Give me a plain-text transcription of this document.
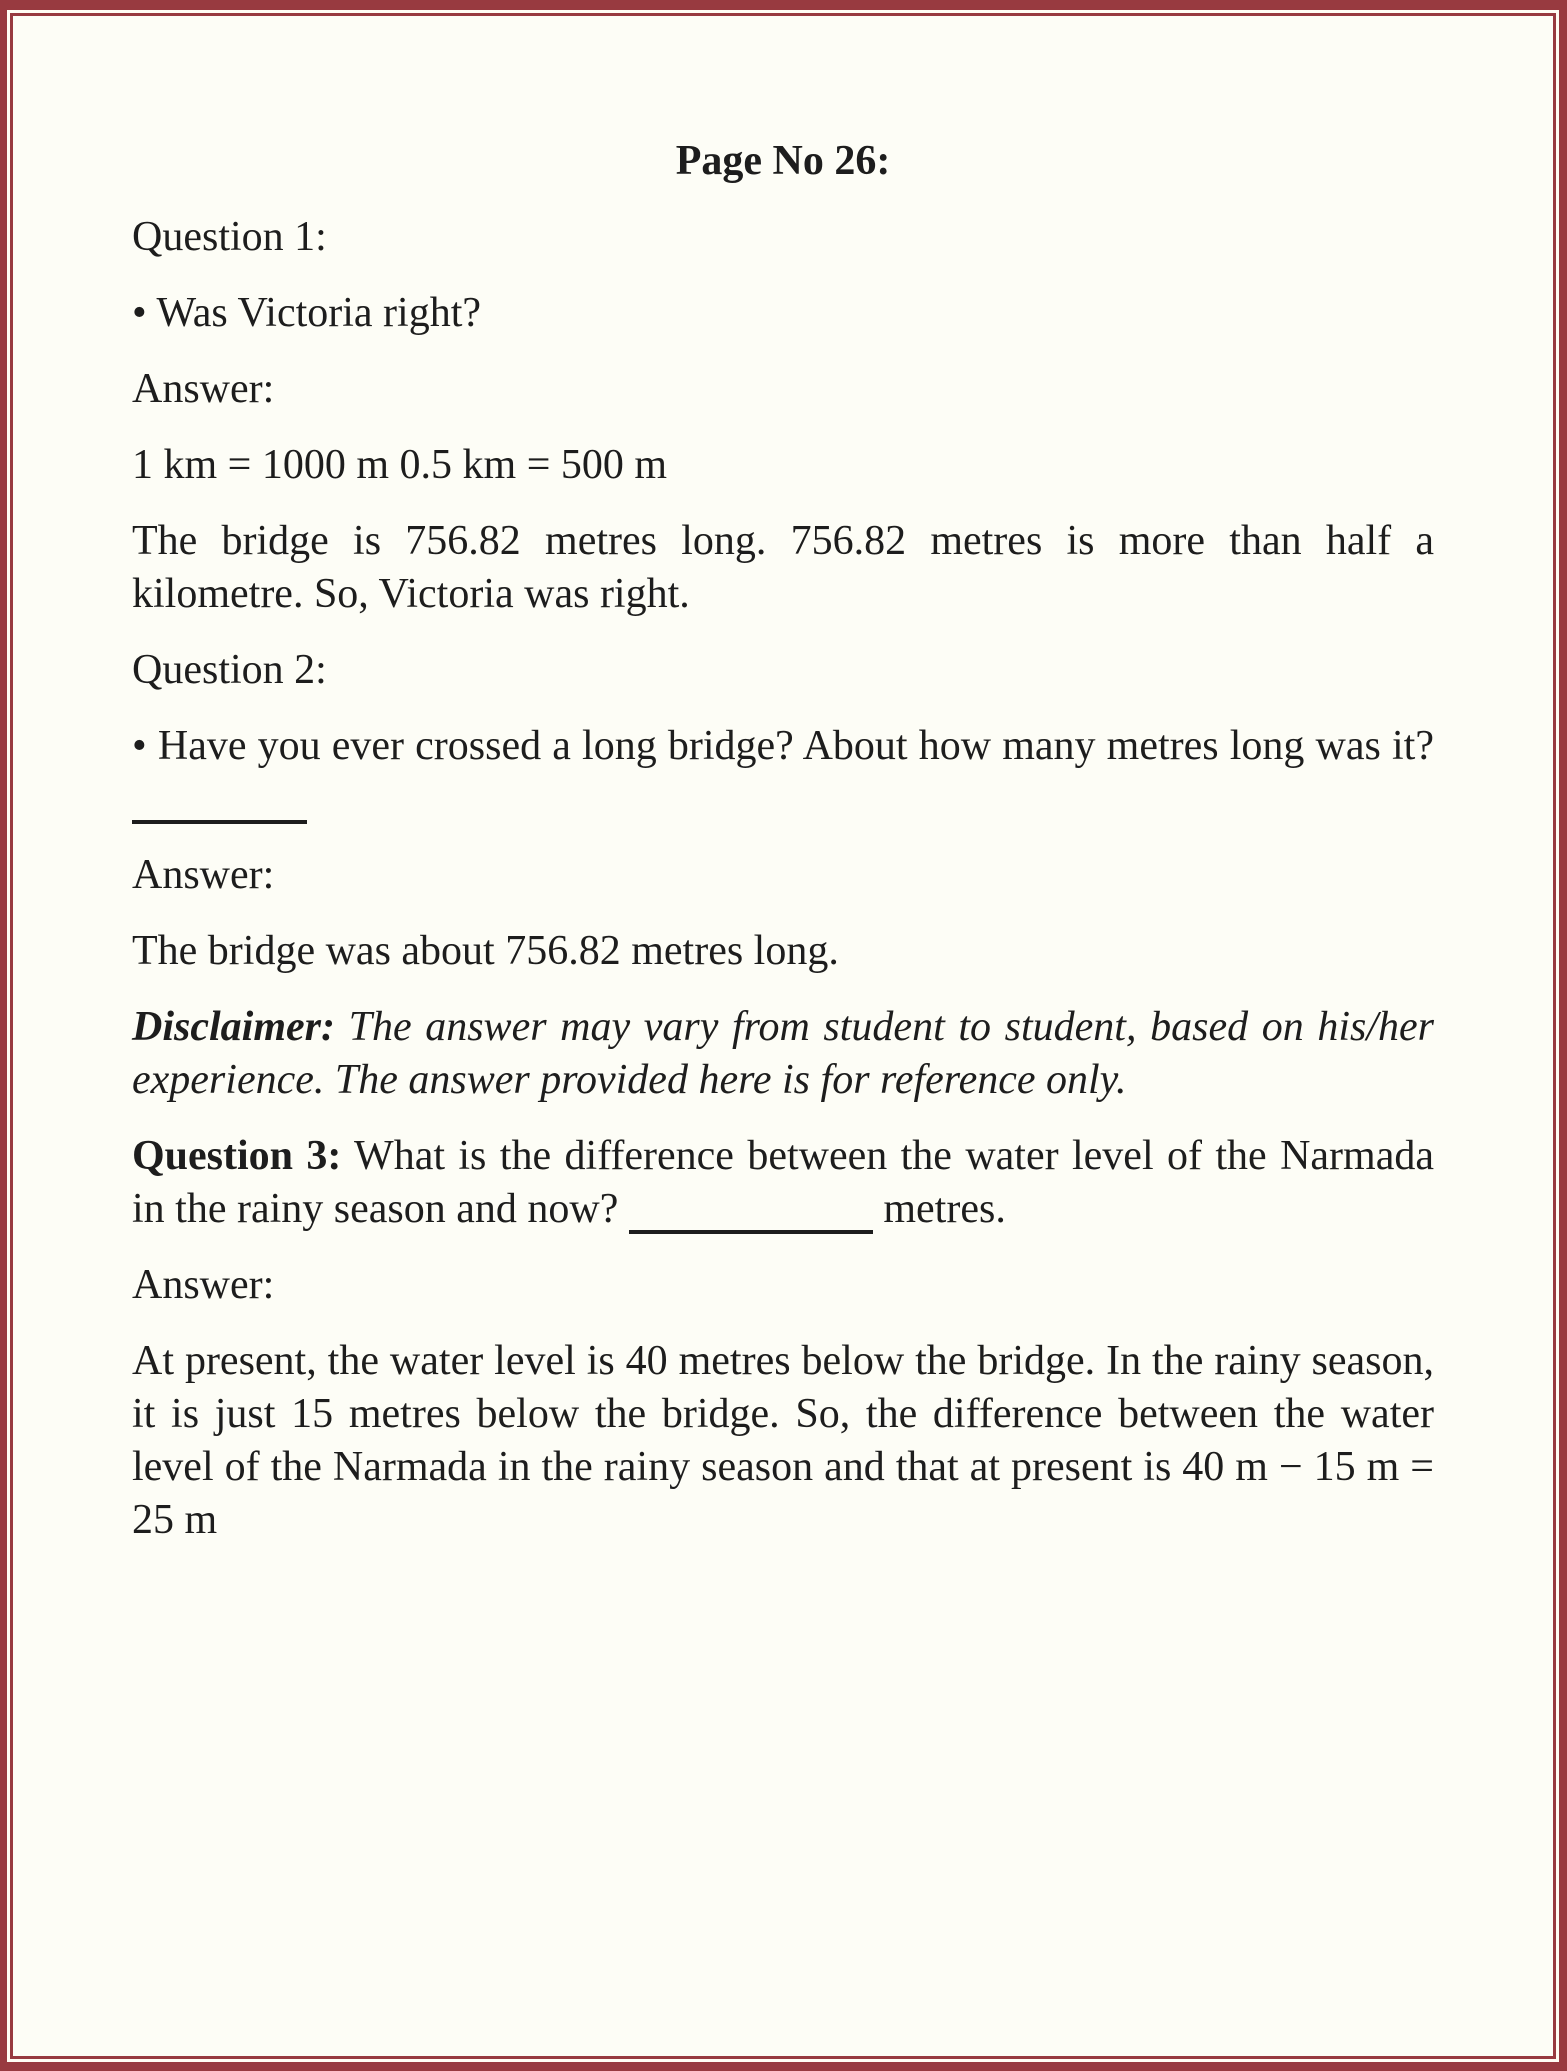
Page No 26:

Question 1:

• Was Victoria right?

Answer:

1 km = 1000 m 0.5 km = 500 m

The bridge is 756.82 metres long. 756.82 metres is more than half a kilometre. So, Victoria was right.

Question 2:

• Have you ever crossed a long bridge? About how many metres long was it?

Answer:

The bridge was about 756.82 metres long.

Disclaimer: The answer may vary from student to student, based on his/her experience. The answer provided here is for reference only.

Question 3: What is the difference between the water level of the Narmada in the rainy season and now?	metres.

Answer:

At present, the water level is 40 metres below the bridge. In the rainy season, it is just 15 metres below the bridge. So, the difference between the water level of the Narmada in the rainy season and that at present is 40 m − 15 m = 25 m
